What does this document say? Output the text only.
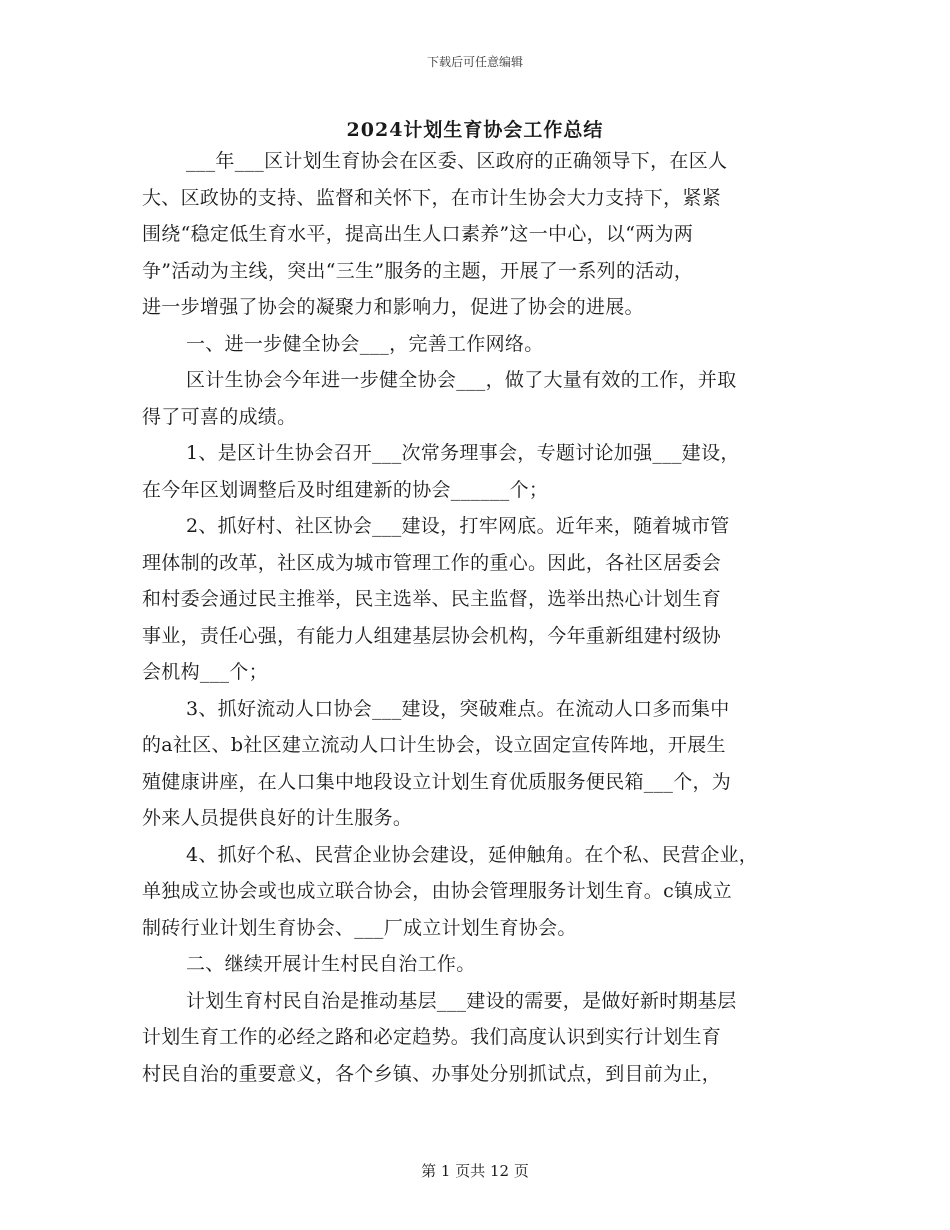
下载后可任意编辑
2024计划生育协会工作总结
___年___区计划生育协会在区委、区政府的正确领导下，在区人
大、区政协的支持、监督和关怀下，在市计生协会大力支持下，紧紧
围绕“稳定低生育水平，提高出生人口素养”这一中心，以“两为两
争”活动为主线，突出“三生”服务的主题，开展了一系列的活动，
进一步增强了协会的凝聚力和影响力，促进了协会的进展。
一、进一步健全协会___，完善工作网络。
区计生协会今年进一步健全协会___，做了大量有效的工作，并取
得了可喜的成绩。
1、是区计生协会召开___次常务理事会，专题讨论加强___建设，
在今年区划调整后及时组建新的协会______个；
2、抓好村、社区协会___建设，打牢网底。近年来，随着城市管
理体制的改革，社区成为城市管理工作的重心。因此，各社区居委会
和村委会通过民主推举，民主选举、民主监督，选举出热心计划生育
事业，责任心强，有能力人组建基层协会机构，今年重新组建村级协
会机构___个；
3、抓好流动人口协会___建设，突破难点。在流动人口多而集中
的a社区、b社区建立流动人口计生协会，设立固定宣传阵地，开展生
殖健康讲座，在人口集中地段设立计划生育优质服务便民箱___个，为
外来人员提供良好的计生服务。
4、抓好个私、民营企业协会建设，延伸触角。在个私、民营企业，
单独成立协会或也成立联合协会，由协会管理服务计划生育。c镇成立
制砖行业计划生育协会、___厂成立计划生育协会。
二、继续开展计生村民自治工作。
计划生育村民自治是推动基层___建设的需要，是做好新时期基层
计划生育工作的必经之路和必定趋势。我们高度认识到实行计划生育
村民自治的重要意义，各个乡镇、办事处分别抓试点，到目前为止，
第 1 页共 12 页
